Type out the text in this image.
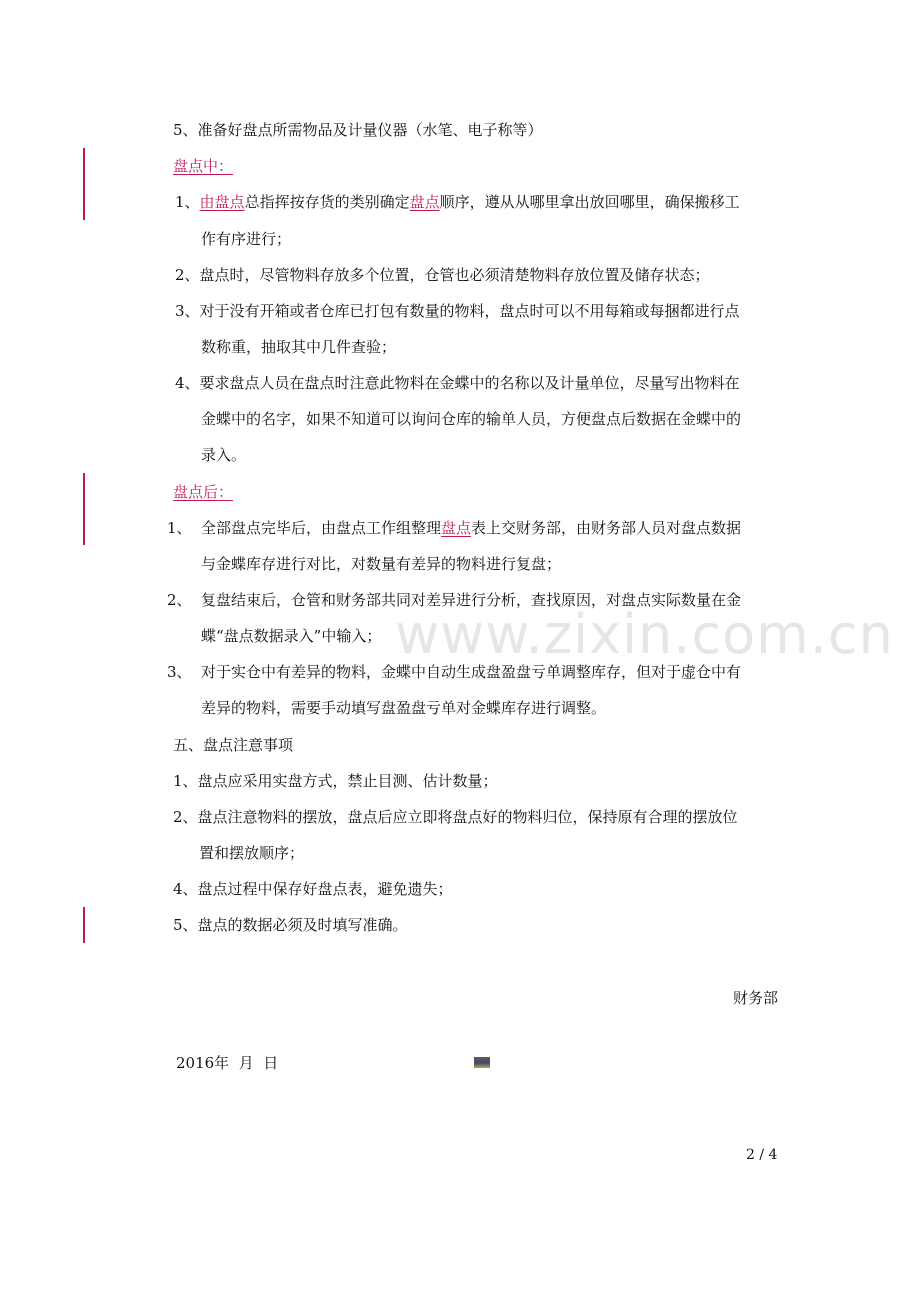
www.zixin.com.cn
5、准备好盘点所需物品及计量仪器（水笔、电子称等）
盘点中：
1、由盘点总指挥按存货的类别确定盘点顺序，遵从从哪里拿出放回哪里，确保搬移工
作有序进行；
2、盘点时，尽管物料存放多个位置，仓管也必须清楚物料存放位置及储存状态；
3、对于没有开箱或者仓库已打包有数量的物料，盘点时可以不用每箱或每捆都进行点
数称重，抽取其中几件查验；
4、要求盘点人员在盘点时注意此物料在金蝶中的名称以及计量单位，尽量写出物料在
金蝶中的名字，如果不知道可以询问仓库的输单人员，方便盘点后数据在金蝶中的
录入。
盘点后：
1、 全部盘点完毕后，由盘点工作组整理盘点表上交财务部，由财务部人员对盘点数据
与金蝶库存进行对比，对数量有差异的物料进行复盘；
2、 复盘结束后，仓管和财务部共同对差异进行分析，查找原因，对盘点实际数量在金
蝶“盘点数据录入”中输入；
3、 对于实仓中有差异的物料，金蝶中自动生成盘盈盘亏单调整库存，但对于虚仓中有
差异的物料，需要手动填写盘盈盘亏单对金蝶库存进行调整。
五、盘点注意事项
1、盘点应采用实盘方式，禁止目测、估计数量；
2、盘点注意物料的摆放，盘点后应立即将盘点好的物料归位，保持原有合理的摆放位
置和摆放顺序；
4、盘点过程中保存好盘点表，避免遗失；
5、盘点的数据必须及时填写准确。
财务部
2016年 月 日
2 / 4
